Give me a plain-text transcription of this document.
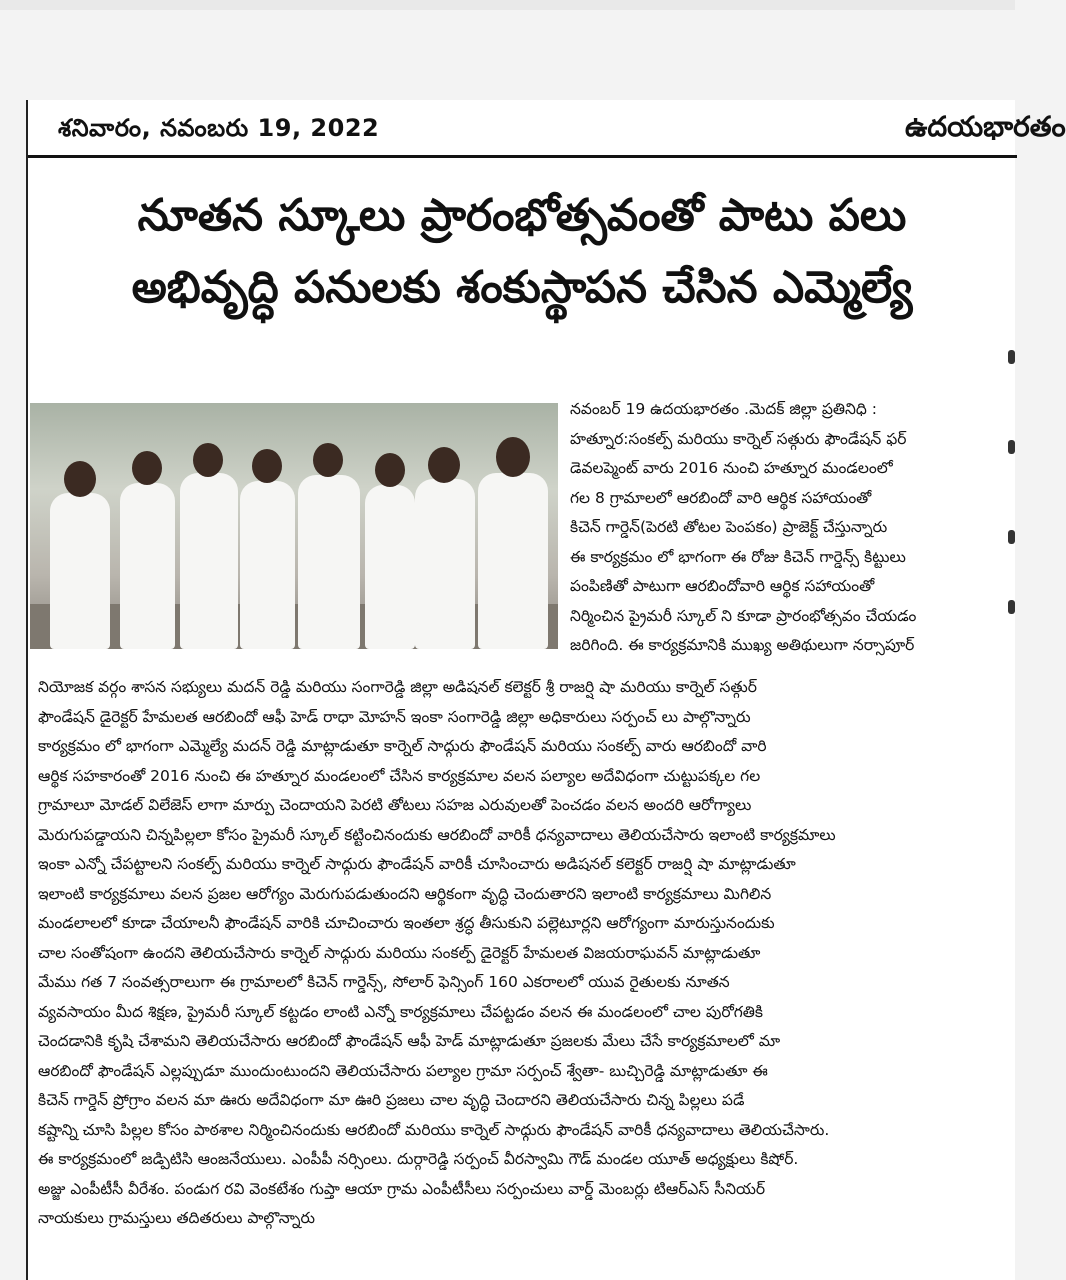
శనివారం, నవంబరు 19, 2022	ఉదయభారతం
నూతన స్కూలు ప్రారంభోత్సవంతో పాటు పలు
అభివృద్ధి పనులకు శంకుస్థాపన చేసిన ఎమ్మెల్యే
నవంబర్ 19 ఉదయభారతం .మెదక్ జిల్లా ప్రతినిధి :
హత్నూర:సంకల్ప్ మరియు కార్నెల్ సత్గురు ఫౌండేషన్ ఫర్
డెవలప్మెంట్ వారు 2016 నుంచి హత్నూర మండలంలో
గల 8 గ్రామాలలో ఆరబిందో వారి ఆర్థిక సహాయంతో
కిచెన్ గార్డెన్(పెరటి తోటల పెంపకం) ప్రాజెక్ట్ చేస్తున్నారు
ఈ కార్యక్రమం లో భాగంగా ఈ రోజు కిచెన్ గార్డెన్స్ కిట్టులు
పంపిణితో పాటుగా ఆరబిందోవారి ఆర్థిక సహాయంతో
నిర్మించిన ప్రైమరీ స్కూల్ ని కూడా ప్రారంభోత్సవం చేయడం
జరిగింది. ఈ కార్యక్రమానికి ముఖ్య అతిథులుగా నర్సాపూర్
నియోజక వర్గం శాసన సభ్యులు మదన్ రెడ్డి మరియు సంగారెడ్డి జిల్లా అడిషనల్ కలెక్టర్ శ్రీ రాజర్షి షా మరియు కార్నెల్ సత్గుర్
ఫౌండేషన్ డైరెక్టర్ హేమలత ఆరబిందో ఆఫీ హెడ్ రాధా మోహన్ ఇంకా సంగారెడ్డి జిల్లా అధికారులు సర్పంచ్ లు పాల్గొన్నారు
కార్యక్రమం లో భాగంగా ఎమ్మెల్యే మదన్ రెడ్డి మాట్లాడుతూ కార్నెల్ సాధ్గురు ఫౌండేషన్ మరియు సంకల్ప్ వారు ఆరబిందో వారి
ఆర్థిక సహకారంతో 2016 నుంచి ఈ హత్నూర మండలంలో చేసిన కార్యక్రమాల వలన పల్యాల అదేవిధంగా చుట్టుపక్కల గల
గ్రామాలూ మోడల్ విలేజెస్ లాగా మార్పు చెందాయని పెరటి తోటలు సహజ ఎరువులతో పెంచడం వలన అందరి ఆరోగ్యాలు
మెరుగుపడ్డాయని చిన్నపిల్లలా కోసం ప్రైమరీ స్కూల్ కట్టించినందుకు ఆరబిందో వారికీ ధన్యవాదాలు తెలియచేసారు ఇలాంటి కార్యక్రమాలు
ఇంకా ఎన్నో చేపట్టాలని సంకల్ప్ మరియు కార్నెల్ సాధ్గురు ఫౌండేషన్ వారికీ చూసించారు అడిషనల్ కలెక్టర్ రాజర్షి షా మాట్లాడుతూ
ఇలాంటి కార్యక్రమాలు వలన ప్రజల ఆరోగ్యం మెరుగుపడుతుందని ఆర్థికంగా వృద్ధి చెందుతారని ఇలాంటి కార్యక్రమాలు మిగిలిన
మండలాలలో కూడా చేయాలనీ ఫౌండేషన్ వారికి చూచించారు ఇంతలా శ్రద్ధ తీసుకుని పల్లెటూర్లని ఆరోగ్యంగా మారుస్తునందుకు
చాల సంతోషంగా ఉందని తెలియచేసారు కార్నెల్ సాధ్గురు మరియు సంకల్ప్ డైరెక్టర్ హేమలత విజయరాఘవన్ మాట్లాడుతూ
మేము గత 7 సంవత్సరాలుగా ఈ గ్రామాలలో కిచెన్ గార్డెన్స్, సోలార్ ఫెన్సింగ్ 160 ఎకరాలలో యువ రైతులకు నూతన
వ్యవసాయం మీద శిక్షణ, ప్రైమరీ స్కూల్ కట్టడం లాంటి ఎన్నో కార్యక్రమాలు చేపట్టడం వలన ఈ మండలంలో చాల పురోగతికి
చెందడానికి కృషి చేశామని తెలియచేసారు ఆరబిందో ఫౌండేషన్ ఆఫీ హెడ్ మాట్లాడుతూ ప్రజలకు మేలు చేసే కార్యక్రమాలలో మా
ఆరబిందో ఫౌండేషన్ ఎల్లప్పుడూ ముందుంటుందని తెలియచేసారు పల్యాల గ్రామా సర్పంచ్ శ్వేతా- బుచ్చిరెడ్డి మాట్లాడుతూ ఈ
కిచెన్ గార్డెన్ ప్రోగ్రాం వలన మా ఊరు అదేవిధంగా మా ఊరి ప్రజలు చాల వృద్ధి చెందారని తెలియచేసారు చిన్న పిల్లలు పడే
కష్టాన్ని చూసి పిల్లల కోసం పాఠశాల నిర్మించినందుకు ఆరబిందో మరియు కార్నెల్ సాధ్గురు ఫౌండేషన్ వారికీ ధన్యవాదాలు తెలియచేసారు.
ఈ కార్యక్రమంలో జడ్పిటిసి ఆంజనేయులు. ఎంపీపీ నర్సింలు. దుర్గారెడ్డి సర్పంచ్ వీరస్వామి గౌడ్ మండల యూత్ అధ్యక్షులు కిషోర్.
అజ్జు ఎంపీటీసీ వీరేశం. పండుగ రవి వెంకటేశం గుప్తా ఆయా గ్రామ ఎంపీటీసీలు సర్పంచులు వార్డ్ మెంబర్లు టిఆర్ఎస్ సీనియర్
నాయకులు గ్రామస్తులు తదితరులు పాల్గొన్నారు
